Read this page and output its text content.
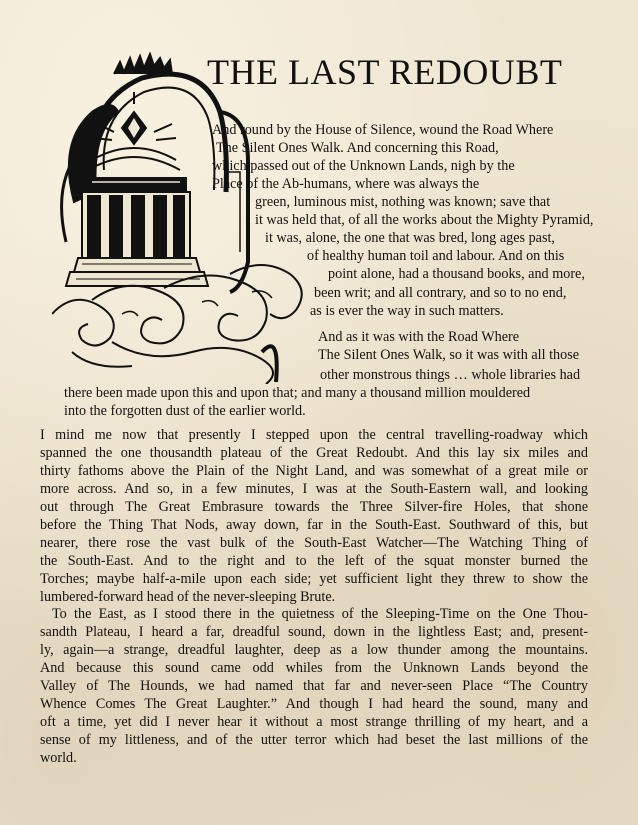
THE LAST REDOUBT
And round by the House of Silence, wound the Road Where
The Silent Ones Walk. And concerning this Road,
which passed out of the Unknown Lands, nigh by the
Place of the Ab-humans, where was always the
green, luminous mist, nothing was known; save that
it was held that, of all the works about the Mighty Pyramid,
it was, alone, the one that was bred, long ages past,
of healthy human toil and labour. And on this
point alone, had a thousand books, and more,
been writ; and all contrary, and so to no end,
as is ever the way in such matters.
And as it was with the Road Where
The Silent Ones Walk, so it was with all those
other monstrous things … whole libraries had
there been made upon this and upon that; and many a thousand million mouldered
into the forgotten dust of the earlier world.
I mind me now that presently I stepped upon the central travelling-roadway which
spanned the one thousandth plateau of the Great Redoubt. And this lay six miles and
thirty fathoms above the Plain of the Night Land, and was somewhat of a great mile or
more across. And so, in a few minutes, I was at the South-Eastern wall, and looking
out through The Great Embrasure towards the Three Silver-fire Holes, that shone
before the Thing That Nods, away down, far in the South-East. Southward of this, but
nearer, there rose the vast bulk of the South-East Watcher—The Watching Thing of
the South-East. And to the right and to the left of the squat monster burned the
Torches; maybe half-a-mile upon each side; yet sufficient light they threw to show the
lumbered-forward head of the never-sleeping Brute.
To the East, as I stood there in the quietness of the Sleeping-Time on the One Thou-
sandth Plateau, I heard a far, dreadful sound, down in the lightless East; and, present-
ly, again—a strange, dreadful laughter, deep as a low thunder among the mountains.
And because this sound came odd whiles from the Unknown Lands beyond the
Valley of The Hounds, we had named that far and never-seen Place “The Country
Whence Comes The Great Laughter.” And though I had heard the sound, many and
oft a time, yet did I never hear it without a most strange thrilling of my heart, and a
sense of my littleness, and of the utter terror which had beset the last millions of the
world.
